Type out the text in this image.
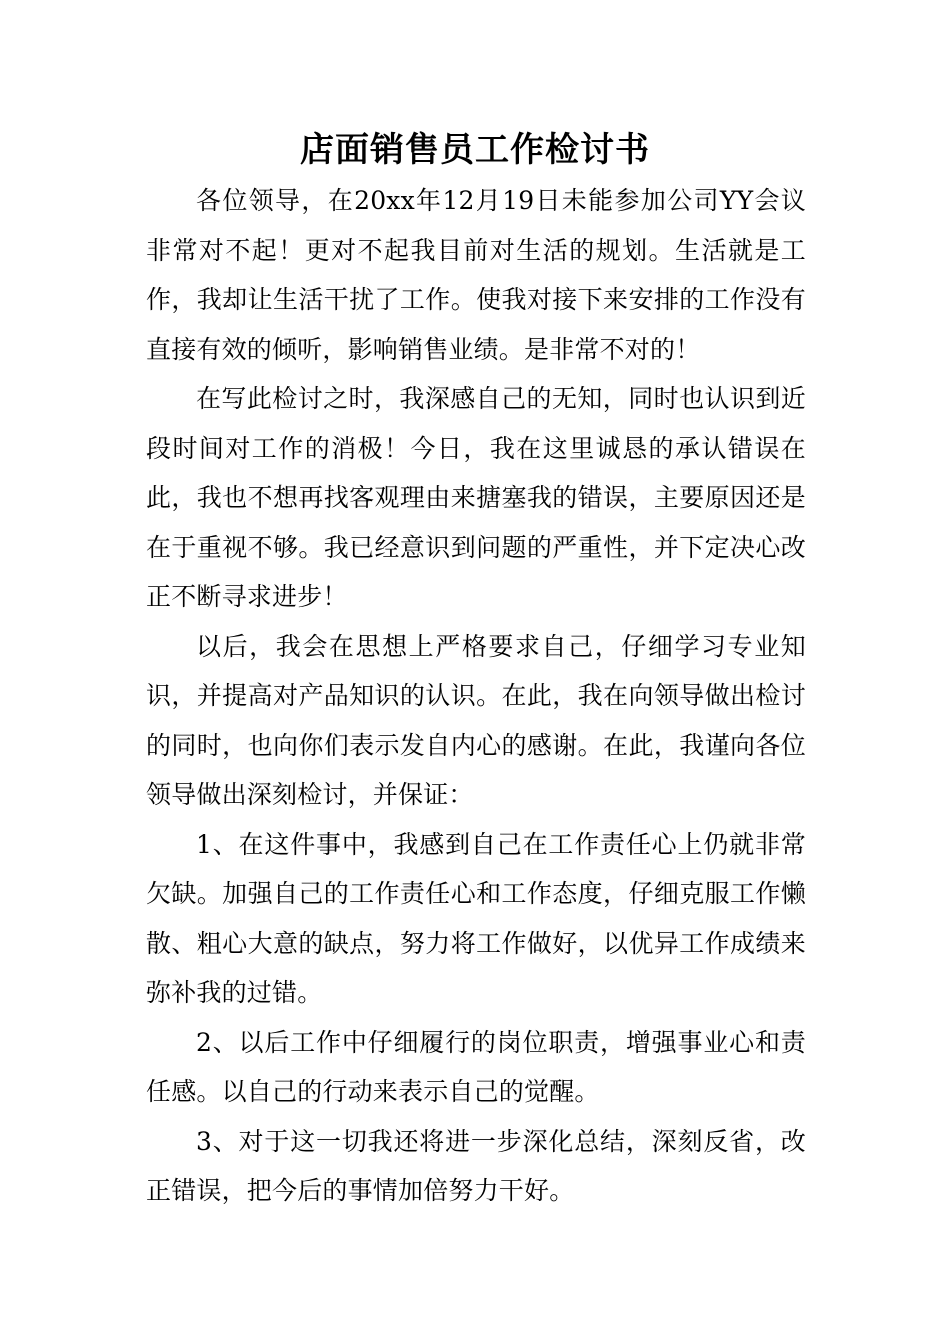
店面销售员工作检讨书

各位领导，在20xx年12月19日未能参加公司YY会议非常对不起！更对不起我目前对生活的规划。生活就是工作，我却让生活干扰了工作。使我对接下来安排的工作没有直接有效的倾听，影响销售业绩。是非常不对的！

在写此检讨之时，我深感自己的无知，同时也认识到近段时间对工作的消极！今日，我在这里诚恳的承认错误在此，我也不想再找客观理由来搪塞我的错误，主要原因还是在于重视不够。我已经意识到问题的严重性，并下定决心改正不断寻求进步！

以后，我会在思想上严格要求自己，仔细学习专业知识，并提高对产品知识的认识。在此，我在向领导做出检讨的同时，也向你们表示发自内心的感谢。在此，我谨向各位领导做出深刻检讨，并保证：

1、在这件事中，我感到自己在工作责任心上仍就非常欠缺。加强自己的工作责任心和工作态度，仔细克服工作懒散、粗心大意的缺点，努力将工作做好，以优异工作成绩来弥补我的过错。

2、以后工作中仔细履行的岗位职责，增强事业心和责任感。以自己的行动来表示自己的觉醒。

3、对于这一切我还将进一步深化总结，深刻反省，改正错误，把今后的事情加倍努力干好。
